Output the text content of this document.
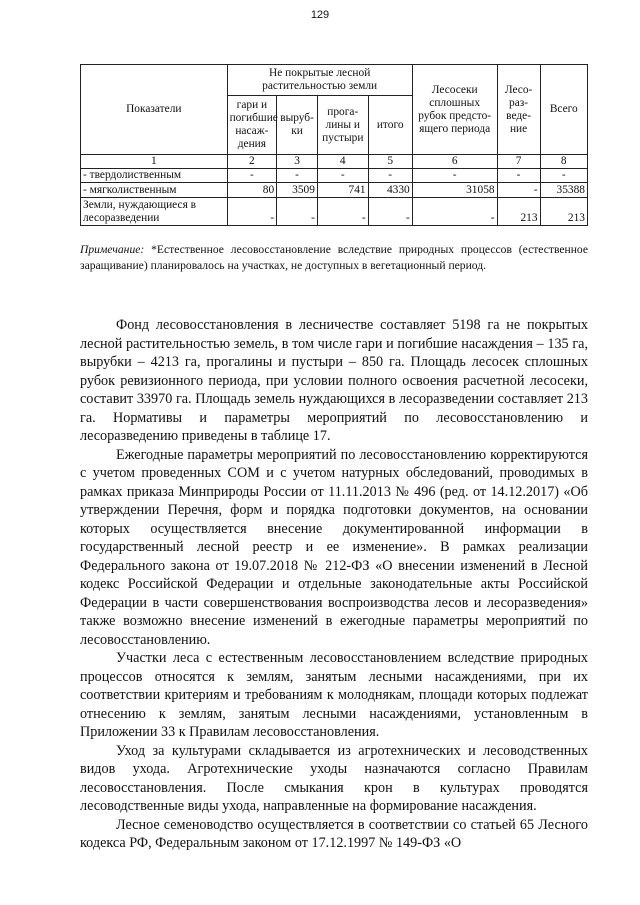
129
Показатели	Не покрытые лесной растительностью земли				Лесосеки сплошных рубок предсто-ящего периода	Лесо-раз-веде-ние	Всего
	гари и погибшие насаж-дения	выруб-ки	прога-лины и пустыри	итого			
1	2	3	4	5	6	7	8
- твердолиственным	-	-	-	-	-	-	-
- мягколиственным	80	3509	741	4330	31058	-	35388
Земли, нуждающиеся в лесоразведении	-	-	-	-	-	213	213

Примечание: *Естественное лесовосстановление вследствие природных процессов (естественное заращивание) планировалось на участках, не доступных в вегетационный период.

Фонд лесовосстановления в лесничестве составляет 5198 га не покрытых лесной растительностью земель, в том числе гари и погибшие насаждения – 135 га, вырубки – 4213 га, прогалины и пустыри – 850 га. Площадь лесосек сплошных рубок ревизионного периода, при условии полного освоения расчетной лесосеки, составит 33970 га. Площадь земель нуждающихся в лесоразведении составляет 213 га. Нормативы и параметры мероприятий по лесовосстановлению и лесоразведению приведены в таблице 17.

Ежегодные параметры мероприятий по лесовосстановлению корректируются с учетом проведенных СОМ и с учетом натурных обследований, проводимых в рамках приказа Минприроды России от 11.11.2013 № 496 (ред. от 14.12.2017) «Об утверждении Перечня, форм и порядка подготовки документов, на основании которых осуществляется внесение документированной информации в государственный лесной реестр и ее изменение». В рамках реализации Федерального закона от 19.07.2018 № 212-ФЗ «О внесении изменений в Лесной кодекс Российской Федерации и отдельные законодательные акты Российской Федерации в части совершенствования воспроизводства лесов и лесоразведения» также возможно внесение изменений в ежегодные параметры мероприятий по лесовосстановлению.

Участки леса с естественным лесовосстановлением вследствие природных процессов относятся к землям, занятым лесными насаждениями, при их соответствии критериям и требованиям к молоднякам, площади которых подлежат отнесению к землям, занятым лесными насаждениями, установленным в Приложении 33 к Правилам лесовосстановления.

Уход за культурами складывается из агротехнических и лесоводственных видов ухода. Агротехнические уходы назначаются согласно Правилам лесовосстановления. После смыкания крон в культурах проводятся лесоводственные виды ухода, направленные на формирование насаждения.

Лесное семеноводство осуществляется в соответствии со статьей 65 Лесного кодекса РФ, Федеральным законом от 17.12.1997 № 149-ФЗ «О
